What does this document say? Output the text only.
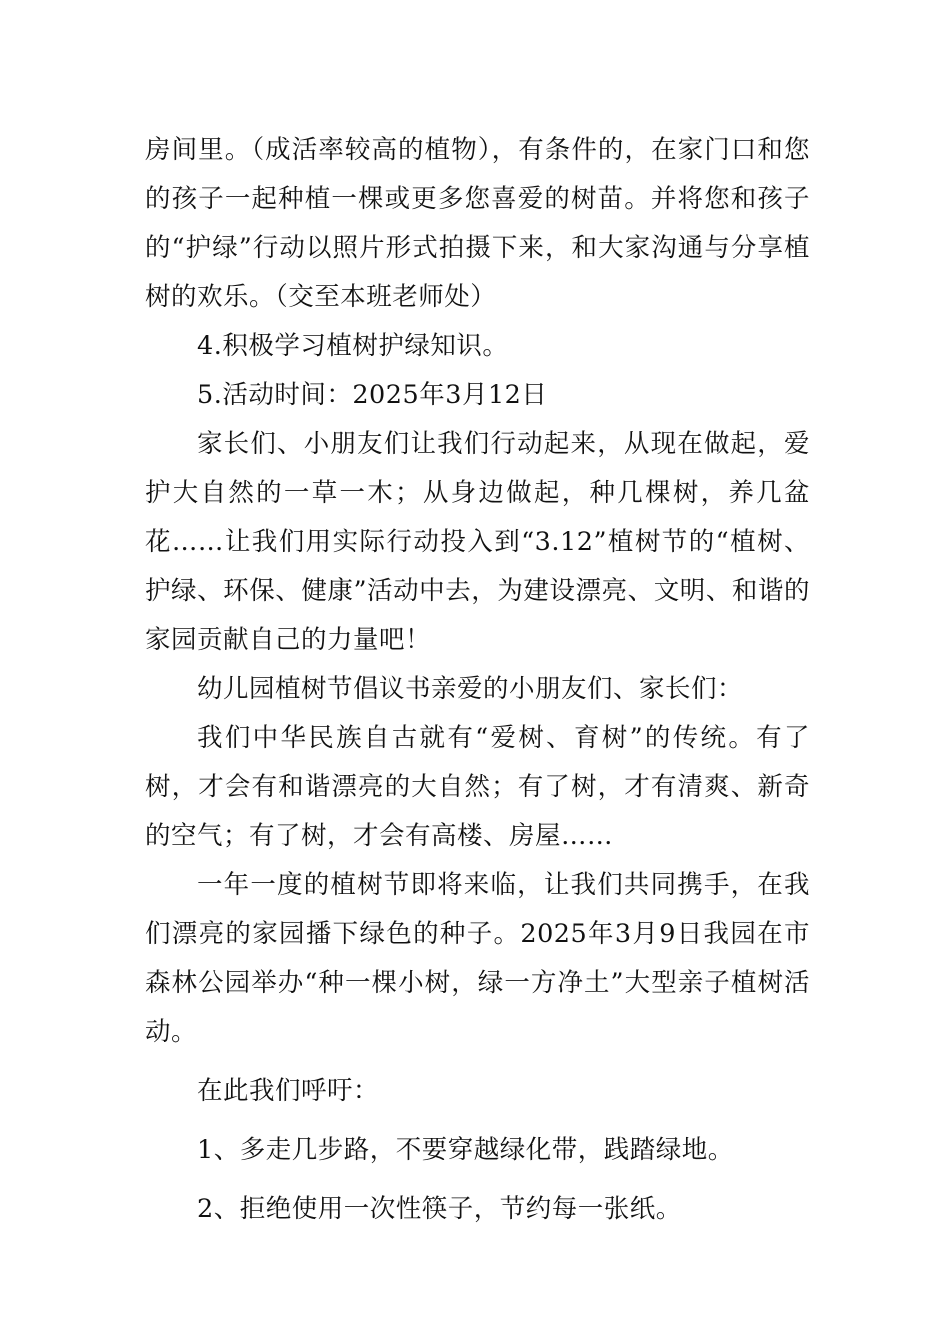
房间里。（成活率较高的植物），有条件的，在家门口和您的孩子一起种植一棵或更多您喜爱的树苗。并将您和孩子的“护绿”行动以照片形式拍摄下来，和大家沟通与分享植树的欢乐。（交至本班老师处）

4.积极学习植树护绿知识。

5.活动时间：2025年3月12日

家长们、小朋友们让我们行动起来，从现在做起，爱护大自然的一草一木；从身边做起，种几棵树，养几盆花……让我们用实际行动投入到“3.12”植树节的“植树、护绿、环保、健康”活动中去，为建设漂亮、文明、和谐的家园贡献自己的力量吧！

幼儿园植树节倡议书亲爱的小朋友们、家长们：

我们中华民族自古就有“爱树、育树”的传统。有了树，才会有和谐漂亮的大自然；有了树，才有清爽、新奇的空气；有了树，才会有高楼、房屋……

一年一度的植树节即将来临，让我们共同携手，在我们漂亮的家园播下绿色的种子。2025年3月9日我园在市森林公园举办“种一棵小树，绿一方净土”大型亲子植树活动。

在此我们呼吁：

1、多走几步路，不要穿越绿化带，践踏绿地。

2、拒绝使用一次性筷子，节约每一张纸。
